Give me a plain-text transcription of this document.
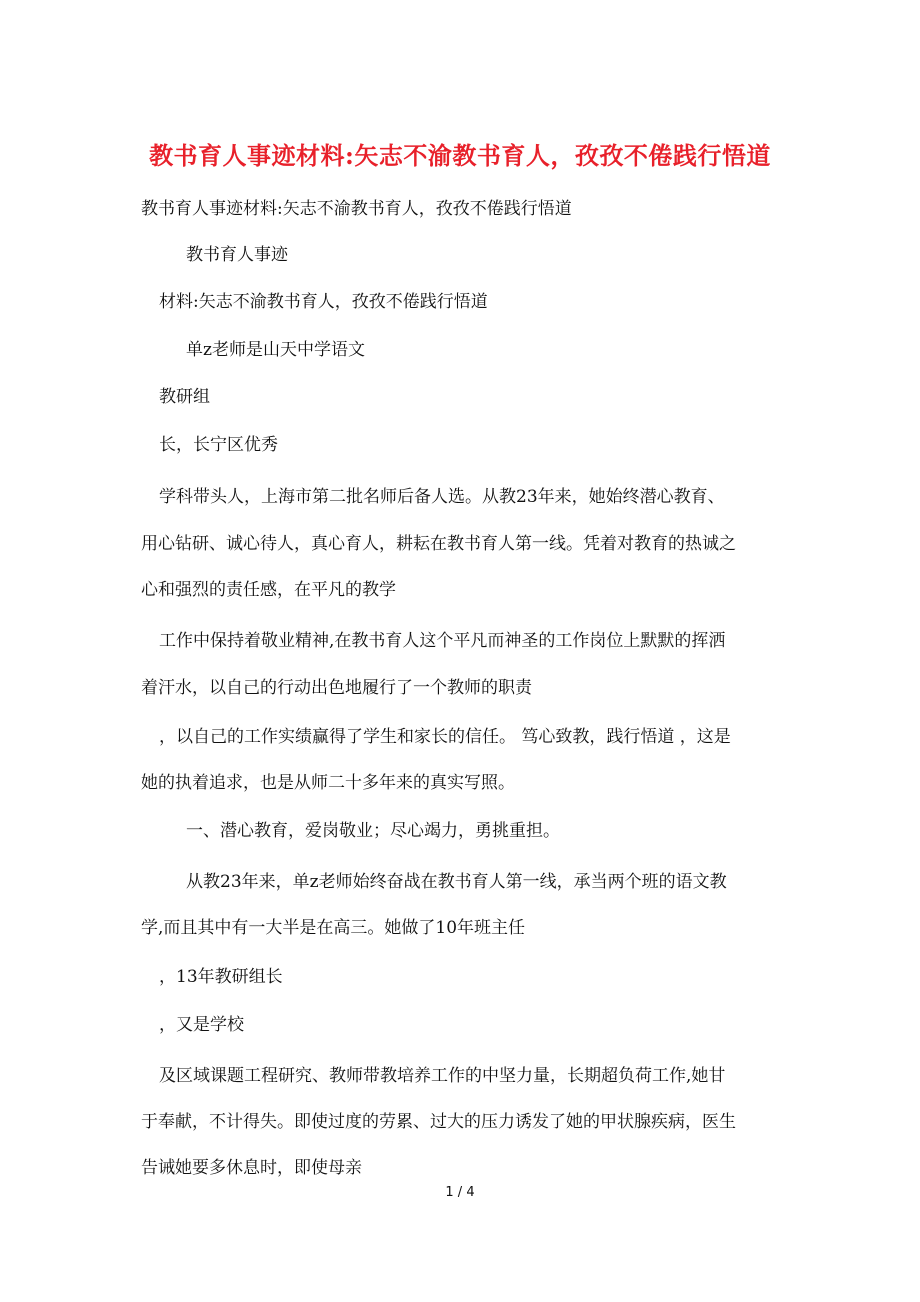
教书育人事迹材料:矢志不渝教书育人，孜孜不倦践行悟道
教书育人事迹材料:矢志不渝教书育人，孜孜不倦践行悟道
教书育人事迹
材料:矢志不渝教书育人，孜孜不倦践行悟道
单z老师是山天中学语文
教研组
长，长宁区优秀
学科带头人，上海市第二批名师后备人选。从教23年来，她始终潜心教育、
用心钻研、诚心待人，真心育人，耕耘在教书育人第一线。凭着对教育的热诚之
心和强烈的责任感，在平凡的教学
工作中保持着敬业精神,在教书育人这个平凡而神圣的工作岗位上默默的挥洒
着汗水，以自己的行动出色地履行了一个教师的职责
，以自己的工作实绩赢得了学生和家长的信任。 笃心致教，践行悟道 ，这是
她的执着追求，也是从师二十多年来的真实写照。
一、潜心教育，爱岗敬业；尽心竭力，勇挑重担。
从教23年来，单z老师始终奋战在教书育人第一线，承当两个班的语文教
学,而且其中有一大半是在高三。她做了10年班主任
，13年教研组长
，又是学校
及区域课题工程研究、教师带教培养工作的中坚力量，长期超负荷工作,她甘
于奉献，不计得失。即使过度的劳累、过大的压力诱发了她的甲状腺疾病，医生
告诫她要多休息时，即使母亲
1 / 4
